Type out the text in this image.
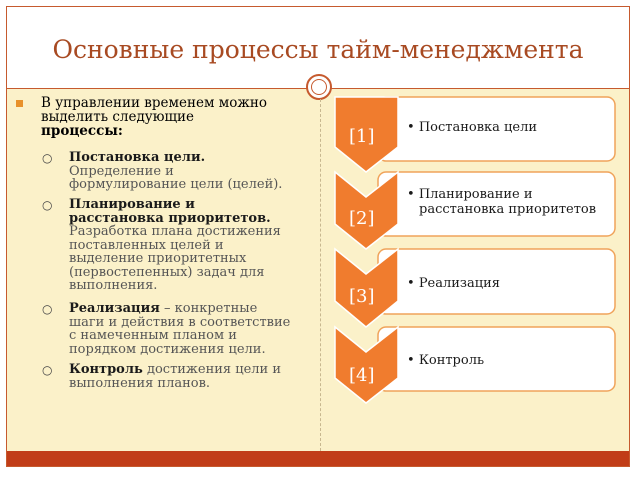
Основные процессы тайм-менеджмента
В управлении временем можно
выделить следующие
процессы:
○ Постановка цели.
Определение и
формулирование цели (целей).
○ Планирование и
расстановка приоритетов.
Разработка плана достижения
поставленных целей и
выделение приоритетных
(первостепенных) задач для
выполнения.
○ Реализация – конкретные
шаги и действия в соответствие
с намеченным планом и
порядком достижения цели.
○ Контроль достижения цели и
выполнения планов.
[1]
[2]
[3]
[4]
• Постановка цели
• Планирование и
расстановка приоритетов
• Реализация
• Контроль
